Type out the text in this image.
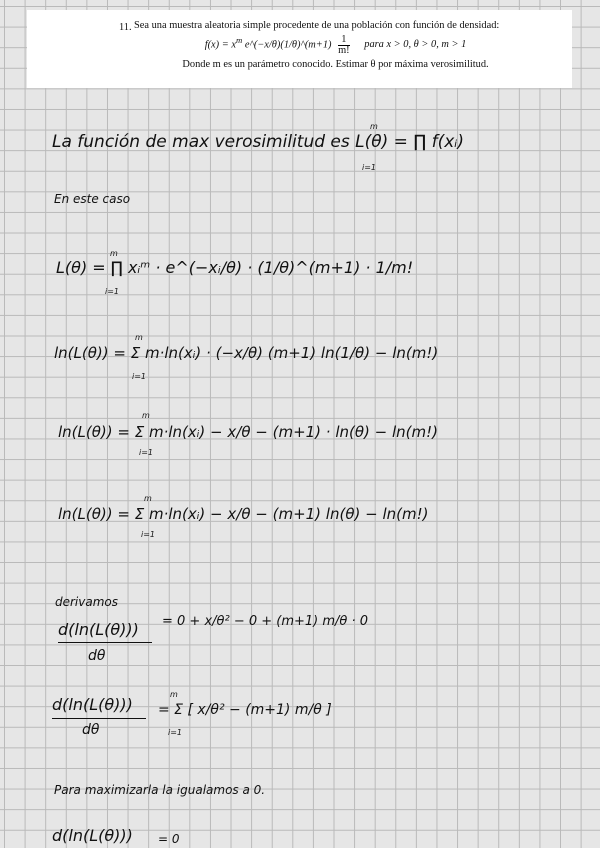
11. Sea una muestra aleatoria simple procedente de una población con función de densidad:
$f(x) = x^m$ e^(−x/θ)(1/θ)^(m+1) $\frac{1}{m!}$ para x > 0, θ > 0, m > 1
Donde m es un parámetro conocido. Estimar θ por máxima verosimilitud.
La función de max verosimilitud es L(θ) = ∏ f(xᵢ)
m
i=1
En este caso
L(θ) = ∏ xᵢᵐ · e^(−xᵢ/θ) · (1/θ)^(m+1) · 1/m!
m
i=1
ln(L(θ)) = Σ m·ln(xᵢ) · (−x/θ) (m+1) ln(1/θ) − ln(m!)
m
i=1
ln(L(θ)) = Σ m·ln(xᵢ) − x/θ − (m+1) · ln(θ) − ln(m!)
m
i=1
ln(L(θ)) = Σ m·ln(xᵢ) − x/θ − (m+1) ln(θ) − ln(m!)
m
i=1
derivamos
d(ln(L(θ)))
dθ
= 0 + x/θ² − 0 + (m+1) m/θ · 0
d(ln(L(θ)))
dθ
= Σ [ x/θ² − (m+1) m/θ ]
m
i=1
Para maximizarla la igualamos a 0.
d(ln(L(θ))) = 0
